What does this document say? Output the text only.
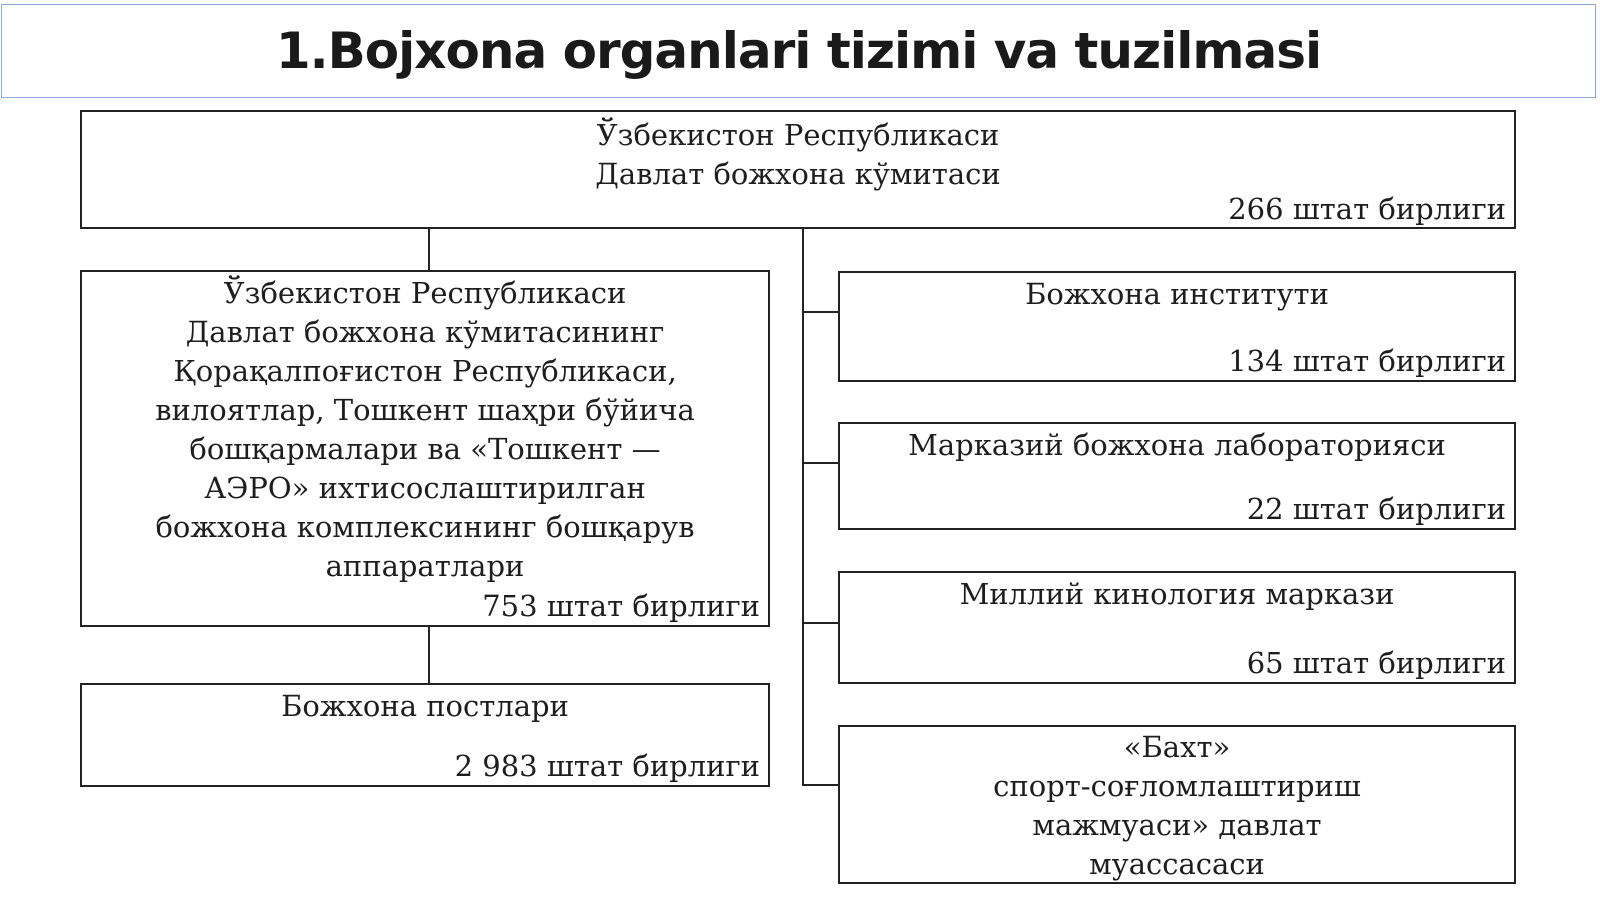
1.Bojxona organlari tizimi va tuzilmasi
Ўзбекистон Республикаси
Давлат божхона кўмитаси
266 штат бирлиги
Ўзбекистон Республикаси
Давлат божхона кўмитасининг
Қорақалпоғистон Республикаси,
вилоятлар, Тошкент шаҳри бўйича
бошқармалари ва «Тошкент —
АЭРО» ихтисослаштирилган
божхона комплексининг бошқарув
аппаратлари
753 штат бирлиги
Божхона постлари
2 983 штат бирлиги
Божхона институти
134 штат бирлиги
Марказий божхона лабораторияси
22 штат бирлиги
Миллий кинология маркази
65 штат бирлиги
«Бахт»
спорт-соғломлаштириш
мажмуаси» давлат
муассасаси
